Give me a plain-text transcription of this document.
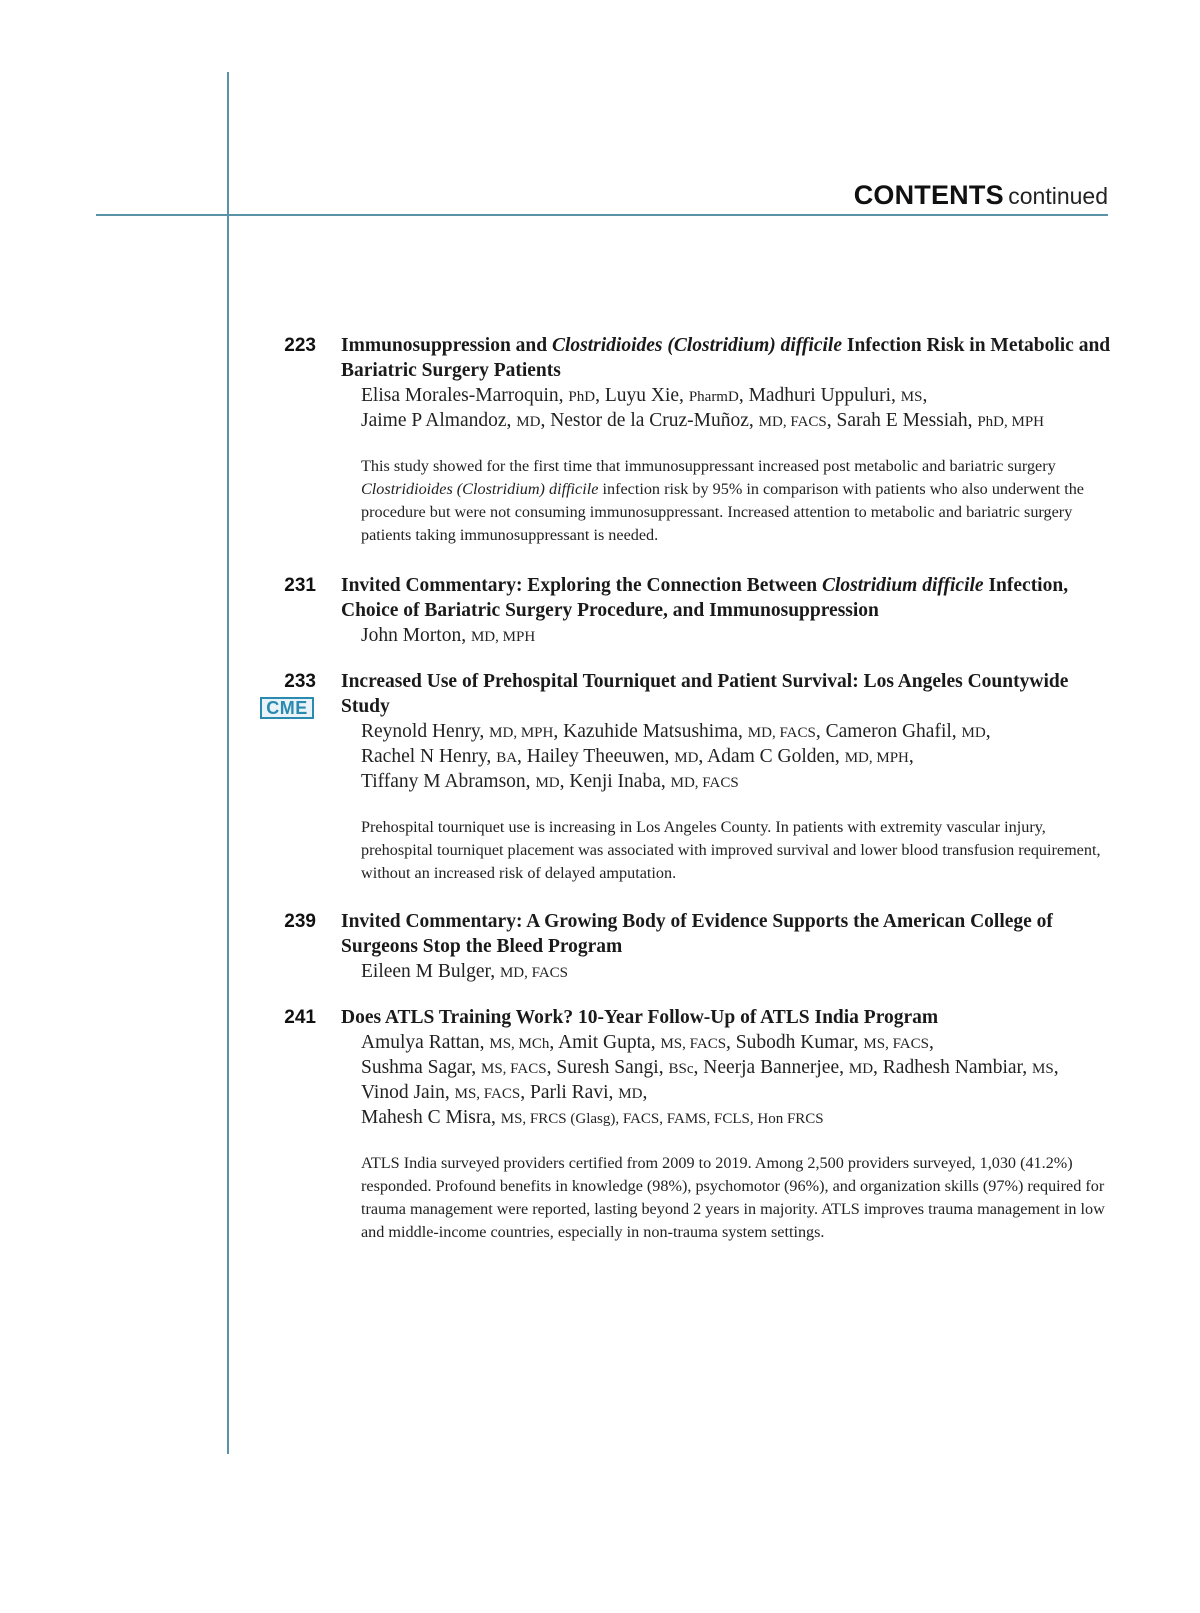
CONTENTS continued
223 Immunosuppression and Clostridioides (Clostridium) difficile Infection Risk in Metabolic and Bariatric Surgery Patients
Elisa Morales-Marroquin, PhD, Luyu Xie, PharmD, Madhuri Uppuluri, MS,
Jaime P Almandoz, MD, Nestor de la Cruz-Muñoz, MD, FACS, Sarah E Messiah, PhD, MPH
This study showed for the first time that immunosuppressant increased post metabolic and bariatric surgery Clostridioides (Clostridium) difficile infection risk by 95% in comparison with patients who also underwent the procedure but were not consuming immunosuppressant. Increased attention to metabolic and bariatric surgery patients taking immunosuppressant is needed.
231 Invited Commentary: Exploring the Connection Between Clostridium difficile Infection, Choice of Bariatric Surgery Procedure, and Immunosuppression
John Morton, MD, MPH
233
CME
Increased Use of Prehospital Tourniquet and Patient Survival: Los Angeles Countywide Study
Reynold Henry, MD, MPH, Kazuhide Matsushima, MD, FACS, Cameron Ghafil, MD,
Rachel N Henry, BA, Hailey Theeuwen, MD, Adam C Golden, MD, MPH,
Tiffany M Abramson, MD, Kenji Inaba, MD, FACS
Prehospital tourniquet use is increasing in Los Angeles County. In patients with extremity vascular injury, prehospital tourniquet placement was associated with improved survival and lower blood transfusion requirement, without an increased risk of delayed amputation.
239 Invited Commentary: A Growing Body of Evidence Supports the American College of Surgeons Stop the Bleed Program
Eileen M Bulger, MD, FACS
241 Does ATLS Training Work? 10-Year Follow-Up of ATLS India Program
Amulya Rattan, MS, MCh, Amit Gupta, MS, FACS, Subodh Kumar, MS, FACS,
Sushma Sagar, MS, FACS, Suresh Sangi, BSc, Neerja Bannerjee, MD, Radhesh Nambiar, MS,
Vinod Jain, MS, FACS, Parli Ravi, MD,
Mahesh C Misra, MS, FRCS (Glasg), FACS, FAMS, FCLS, Hon FRCS
ATLS India surveyed providers certified from 2009 to 2019. Among 2,500 providers surveyed, 1,030 (41.2%) responded. Profound benefits in knowledge (98%), psychomotor (96%), and organization skills (97%) required for trauma management were reported, lasting beyond 2 years in majority. ATLS improves trauma management in low and middle-income countries, especially in non-trauma system settings.
